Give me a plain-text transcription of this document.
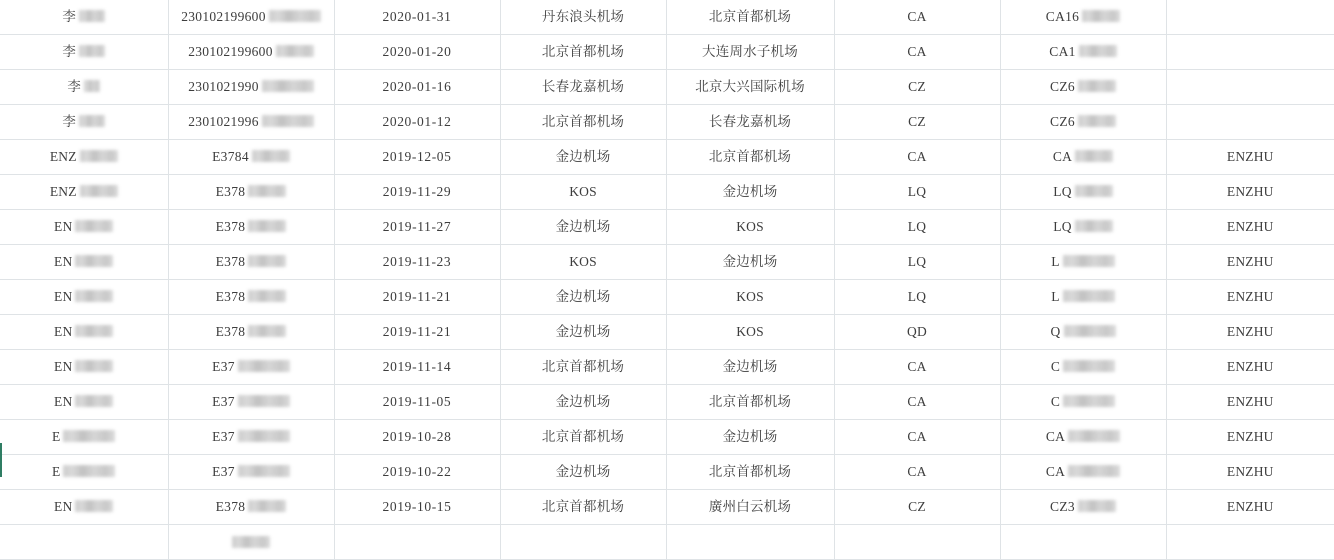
李	230102199600	2020-01-31	丹东浪头机场	北京首都机场	CA	CA16	

李	230102199600	2020-01-20	北京首都机场	大连周水子机场	CA	CA1	

李	2301021990	2020-01-16	长春龙嘉机场	北京大兴国际机场	CZ	CZ6	

李	2301021996	2020-01-12	北京首都机场	长春龙嘉机场	CZ	CZ6	

ENZ	E3784	2019-12-05	金边机场	北京首都机场	CA	CA	ENZHU

ENZ	E378	2019-11-29	KOS	金边机场	LQ	LQ	ENZHU

EN	E378	2019-11-27	金边机场	KOS	LQ	LQ	ENZHU

EN	E378	2019-11-23	KOS	金边机场	LQ	L	ENZHU

EN	E378	2019-11-21	金边机场	KOS	LQ	L	ENZHU

EN	E378	2019-11-21	金边机场	KOS	QD	Q	ENZHU

EN	E37	2019-11-14	北京首都机场	金边机场	CA	C	ENZHU

EN	E37	2019-11-05	金边机场	北京首都机场	CA	C	ENZHU

E	E37	2019-10-28	北京首都机场	金边机场	CA	CA	ENZHU

E	E37	2019-10-22	金边机场	北京首都机场	CA	CA	ENZHU

EN	E378	2019-10-15	北京首都机场	廣州白云机场	CZ	CZ3	ENZHU
